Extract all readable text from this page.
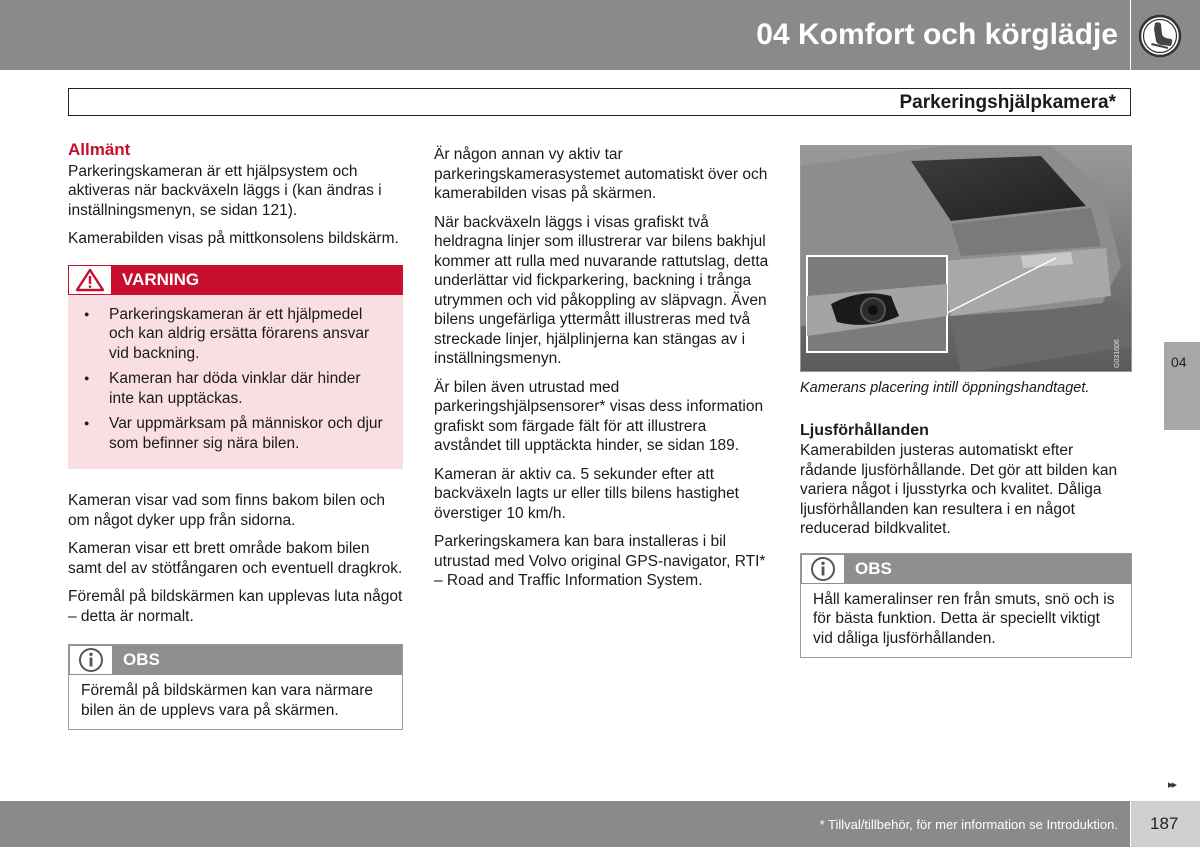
04 Komfort och körglädje
Parkeringshjälpkamera*
Allmänt

Parkeringskameran är ett hjälpsystem och aktiveras när backväxeln läggs i (kan ändras i inställningsmenyn, se sidan 121).

Kamerabilden visas på mittkonsolens bildskärm.

VARNING
● Parkeringskameran är ett hjälpmedel och kan aldrig ersätta förarens ansvar vid backning.
● Kameran har döda vinklar där hinder inte kan upptäckas.
● Var uppmärksam på människor och djur som befinner sig nära bilen.

Kameran visar vad som finns bakom bilen och om något dyker upp från sidorna.

Kameran visar ett brett område bakom bilen samt del av stötfångaren och eventuell dragkrok.

Föremål på bildskärmen kan upplevas luta något – detta är normalt.

OBS
Föremål på bildskärmen kan vara närmare bilen än de upplevs vara på skärmen.

Är någon annan vy aktiv tar parkeringskamerasystemet automatiskt över och kamerabilden visas på skärmen.

När backväxeln läggs i visas grafiskt två heldragna linjer som illustrerar var bilens bakhjul kommer att rulla med nuvarande rattutslag, detta underlättar vid fickparkering, backning i trånga utrymmen och vid påkoppling av släpvagn. Även bilens ungefärliga yttermått illustreras med två streckade linjer, hjälplinjerna kan stängas av i inställningsmenyn.

Är bilen även utrustad med parkeringshjälpsensorer* visas dess information grafiskt som färgade fält för att illustrera avståndet till upptäckta hinder, se sidan 189.

Kameran är aktiv ca. 5 sekunder efter att backväxeln lagts ur eller tills bilens hastighet överstiger 10 km/h.

Parkeringskamera kan bara installeras i bil utrustad med Volvo original GPS-navigator, RTI* – Road and Traffic Information System.

G031606
Kamerans placering intill öppningshandtaget.
Ljusförhållanden

Kamerabilden justeras automatiskt efter rådande ljusförhållande. Det gör att bilden kan variera något i ljusstyrka och kvalitet. Dåliga ljusförhållanden kan resultera i en något reducerad bildkvalitet.

OBS
Håll kameralinser ren från smuts, snö och is för bästa funktion. Detta är speciellt viktigt vid dåliga ljusförhållanden.
04
▸▸
* Tillval/tillbehör, för mer information se Introduktion. 187
